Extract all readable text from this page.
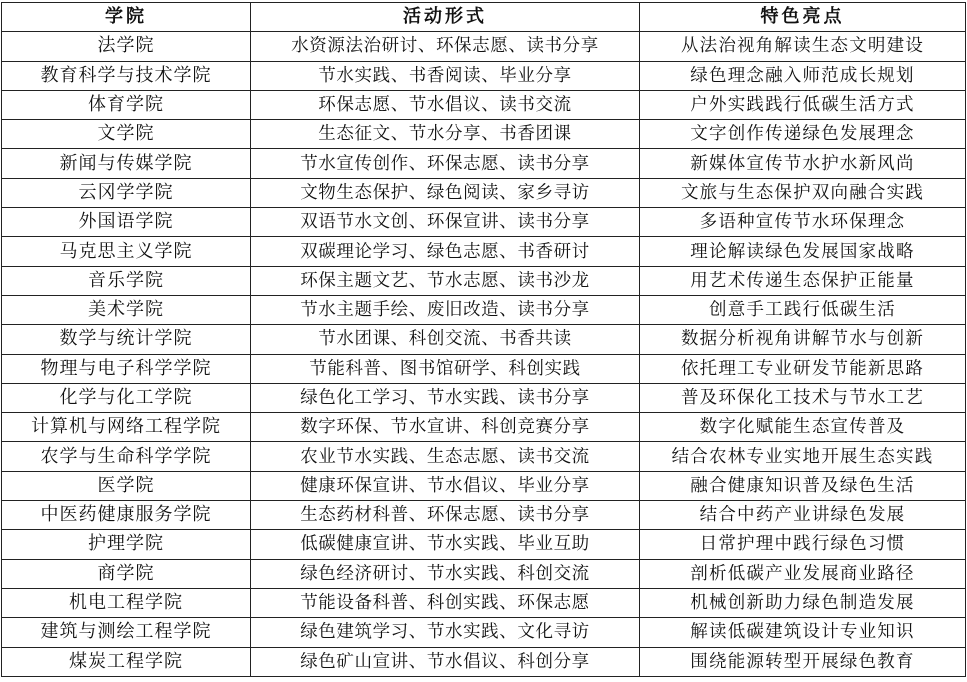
学院	活动形式	特色亮点
法学院	水资源法治研讨、环保志愿、读书分享	从法治视角解读生态文明建设
教育科学与技术学院	节水实践、书香阅读、毕业分享	绿色理念融入师范成长规划
体育学院	环保志愿、节水倡议、读书交流	户外实践践行低碳生活方式
文学院	生态征文、节水分享、书香团课	文字创作传递绿色发展理念
新闻与传媒学院	节水宣传创作、环保志愿、读书分享	新媒体宣传节水护水新风尚
云冈学学院	文物生态保护、绿色阅读、家乡寻访	文旅与生态保护双向融合实践
外国语学院	双语节水文创、环保宣讲、读书分享	多语种宣传节水环保理念
马克思主义学院	双碳理论学习、绿色志愿、书香研讨	理论解读绿色发展国家战略
音乐学院	环保主题文艺、节水志愿、读书沙龙	用艺术传递生态保护正能量
美术学院	节水主题手绘、废旧改造、读书分享	创意手工践行低碳生活
数学与统计学院	节水团课、科创交流、书香共读	数据分析视角讲解节水与创新
物理与电子科学学院	节能科普、图书馆研学、科创实践	依托理工专业研发节能新思路
化学与化工学院	绿色化工学习、节水实践、读书分享	普及环保化工技术与节水工艺
计算机与网络工程学院	数字环保、节水宣讲、科创竞赛分享	数字化赋能生态宣传普及
农学与生命科学学院	农业节水实践、生态志愿、读书交流	结合农林专业实地开展生态实践
医学院	健康环保宣讲、节水倡议、毕业分享	融合健康知识普及绿色生活
中医药健康服务学院	生态药材科普、环保志愿、读书分享	结合中药产业讲绿色发展
护理学院	低碳健康宣讲、节水实践、毕业互助	日常护理中践行绿色习惯
商学院	绿色经济研讨、节水实践、科创交流	剖析低碳产业发展商业路径
机电工程学院	节能设备科普、科创实践、环保志愿	机械创新助力绿色制造发展
建筑与测绘工程学院	绿色建筑学习、节水实践、文化寻访	解读低碳建筑设计专业知识
煤炭工程学院	绿色矿山宣讲、节水倡议、科创分享	围绕能源转型开展绿色教育
